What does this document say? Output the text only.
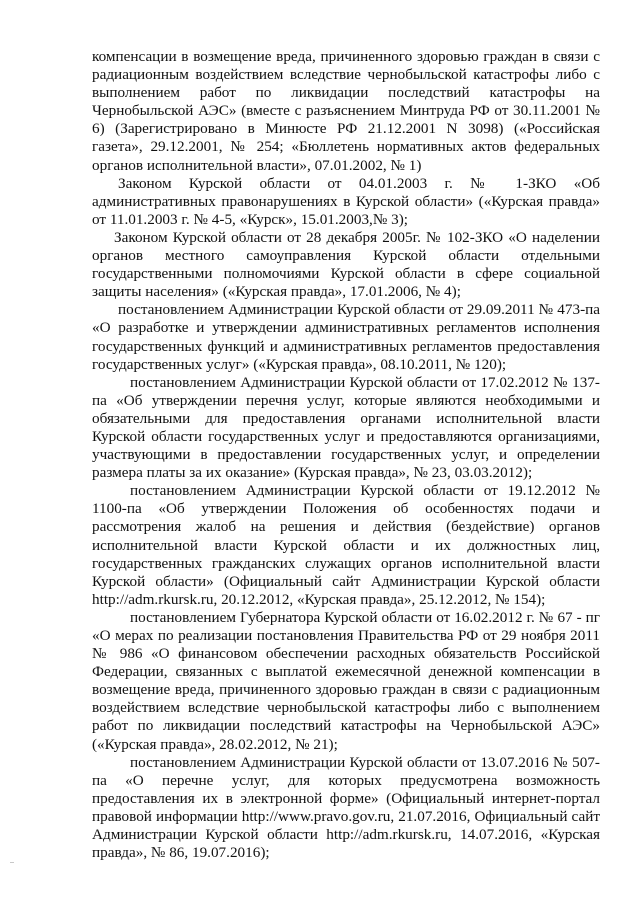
компенсации в возмещение вреда, причиненного здоровью граждан в связи с радиационным воздействием вследствие чернобыльской катастрофы либо с выполнением работ по ликвидации последствий катастрофы на Чернобыльской АЭС» (вместе с разъяснением Минтруда РФ от 30.11.2001 № 6) (Зарегистрировано в Минюсте РФ 21.12.2001 N 3098) («Российская газета», 29.12.2001, № 254; «Бюллетень нормативных актов федеральных органов исполнительной власти», 07.01.2002, № 1)

Законом Курской области от 04.01.2003 г. № 1-ЗКО «Об административных правонарушениях в Курской области» («Курская правда» от 11.01.2003 г. № 4-5, «Курск», 15.01.2003,№ 3);

Законом Курской области от 28 декабря 2005г. № 102-ЗКО «О наделении органов местного самоуправления Курской области отдельными государственными полномочиями Курской области в сфере социальной защиты населения» («Курская правда», 17.01.2006, № 4);

постановлением Администрации Курской области от 29.09.2011 № 473-па «О разработке и утверждении административных регламентов исполнения государственных функций и административных регламентов предоставления государственных услуг» («Курская правда», 08.10.2011, № 120);

постановлением Администрации Курской области от 17.02.2012 № 137-па «Об утверждении перечня услуг, которые являются необходимыми и обязательными для предоставления органами исполнительной власти Курской области государственных услуг и предоставляются организациями, участвующими в предоставлении государственных услуг, и определении размера платы за их оказание» (Курская правда», № 23, 03.03.2012);

постановлением Администрации Курской области от 19.12.2012 № 1100-па «Об утверждении Положения об особенностях подачи и рассмотрения жалоб на решения и действия (бездействие) органов исполнительной власти Курской области и их должностных лиц, государственных гражданских служащих органов исполнительной власти Курской области» (Официальный сайт Администрации Курской области http://adm.rkursk.ru, 20.12.2012, «Курская правда», 25.12.2012, № 154);

постановлением Губернатора Курской области от 16.02.2012 г. № 67 - пг «О мерах по реализации постановления Правительства РФ от 29 ноября 2011 № 986 «О финансовом обеспечении расходных обязательств Российской Федерации, связанных с выплатой ежемесячной денежной компенсации в возмещение вреда, причиненного здоровью граждан в связи с радиационным воздействием вследствие чернобыльской катастрофы либо с выполнением работ по ликвидации последствий катастрофы на Чернобыльской АЭС» («Курская правда», 28.02.2012, № 21);

постановлением Администрации Курской области от 13.07.2016 № 507-па «О перечне услуг, для которых предусмотрена возможность предоставления их в электронной форме» (Официальный интернет-портал правовой информации http://www.pravo.gov.ru, 21.07.2016, Официальный сайт Администрации Курской области http://adm.rkursk.ru, 14.07.2016, «Курская правда», № 86, 19.07.2016);
